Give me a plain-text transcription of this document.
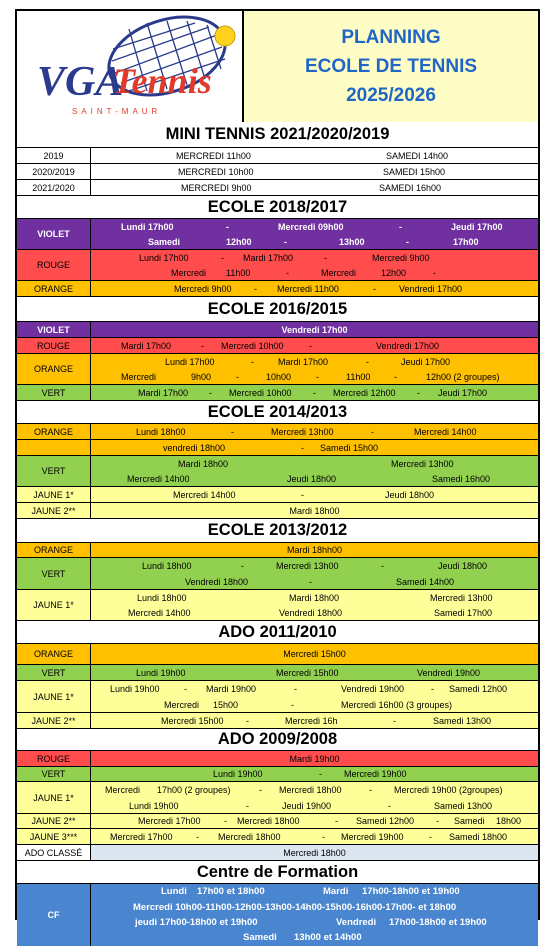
VGA
Tennis
SAINT-MAUR
PLANNING
ECOLE DE TENNIS
2025/2026
MINI TENNIS 2021/2020/2019
2019	MERCREDI 11h00	SAMEDI 14h00
2020/2019	MERCREDI 10h00	SAMEDI 15h00
2021/2020	MERCREDI 9h00	SAMEDI 16h00
ECOLE 2018/2017
VIOLET
Lundi 17h00	-	Mercredi 09h00	-	Jeudi 17h00
Samedi	12h00	-	13h00	-	17h00
ROUGE
Lundi 17h00	- Mardi 17h00	-	Mercredi 9h00
Mercredi 11h00	-	Mercredi	12h00	-
ORANGE	Mercredi 9h00 - Mercredi 11h00	-	Vendredi 17h00
ECOLE 2016/2015
VIOLET	Vendredi 17h00
ROUGE	Mardi 17h00	- Mercredi 10h00	-	Vendredi 17h00
ORANGE
Lundi 17h00	-	Mardi 17h00	-	Jeudi 17h00
Mercredi	9h00	-	10h00	-	11h00	-	12h00 (2 groupes)
VERT	Mardi 17h00 - Mercredi 10h00 - Mercredi 12h00 - Jeudi 17h00
ECOLE 2014/2013
ORANGE	Lundi 18h00	-	Mercredi 13h00	-	Mercredi 14h00
vendredi 18h00	- Samedi 15h00
VERT
Mardi 18h00	Mercredi 13h00
Mercredi 14h00	Jeudi 18h00	Samedi 16h00
JAUNE 1*	Mercredi 14h00	-	Jeudi 18h00
JAUNE 2**	Mardi 18h00
ECOLE 2013/2012
ORANGE	Mardi 18hh00
VERT
Lundi 18h00	-	Mercredi 13h00	-	Jeudi 18h00
Vendredi 18h00	-	Samedi 14h00
JAUNE 1*
Lundi 18h00	Mardi 18h00	Mercredi 13h00
Mercredi 14h00	Vendredi 18h00	Samedi 17h00
ADO 2011/2010
ORANGE	Mercredi 15h00
VERT	Lundi 19h00	Mercredi 15h00	Vendredi 19h00
JAUNE 1*
Lundi 19h00	- Mardi 19h00	-	Vendredi 19h00	- Samedi 12h00
Mercredi 15h00	-	Mercredi 16h00 (3 groupes)
JAUNE 2**	Mercredi 15h00 -	Mercredi 16h	-	Samedi 13h00
ADO 2009/2008
ROUGE	Mardi 19h00
VERT	Lundi 19h00	- Mercredi 19h00
JAUNE 1*
Mercredi 17h00 (2 groupes)	- Mercredi 18h00	- Mercredi 19h00 (2groupes)
Lundi 19h00	-	Jeudi 19h00	-	Samedi 13h00
JAUNE 2**	Mercredi 17h00	- Mercredi 18h00	- Samedi 12h00 - Samedi 18h00
JAUNE 3***	Mercredi 17h00	- Mercredi 18h00	- Mercredi 19h00	- Samedi 18h00
ADO CLASSÉ	Mercredi 18h00
Centre de Formation
CF
Lundi 17h00 et 18h00	Mardi 17h00-18h00 et 19h00
Mercredi 10h00-11h00-12h00-13h00-14h00-15h00-16h00-17h00- et 18h00
jeudi 17h00-18h00 et 19h00	Vendredi 17h00-18h00 et 19h00
Samedi 13h00 et 14h00
